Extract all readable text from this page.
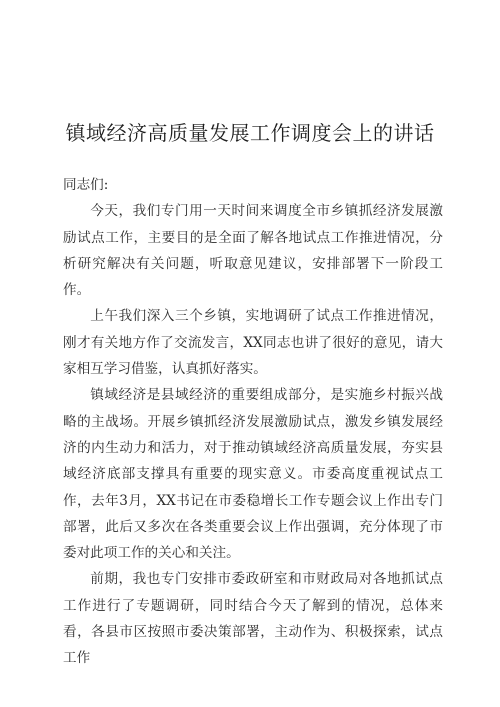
镇域经济高质量发展工作调度会上的讲话

同志们:

今天，我们专门用一天时间来调度全市乡镇抓经济发展激励试点工作，主要目的是全面了解各地试点工作推进情况，分析研究解决有关问题，听取意见建议，安排部署下一阶段工作。

上午我们深入三个乡镇，实地调研了试点工作推进情况，刚才有关地方作了交流发言，XX同志也讲了很好的意见，请大家相互学习借鉴，认真抓好落实。

镇域经济是县域经济的重要组成部分，是实施乡村振兴战略的主战场。开展乡镇抓经济发展激励试点，激发乡镇发展经济的内生动力和活力，对于推动镇域经济高质量发展，夯实县域经济底部支撑具有重要的现实意义。市委高度重视试点工作，去年3月，XX书记在市委稳增长工作专题会议上作出专门部署，此后又多次在各类重要会议上作出强调，充分体现了市委对此项工作的关心和关注。

前期，我也专门安排市委政研室和市财政局对各地抓试点工作进行了专题调研，同时结合今天了解到的情况，总体来看，各县市区按照市委决策部署，主动作为、积极探索，试点工作
